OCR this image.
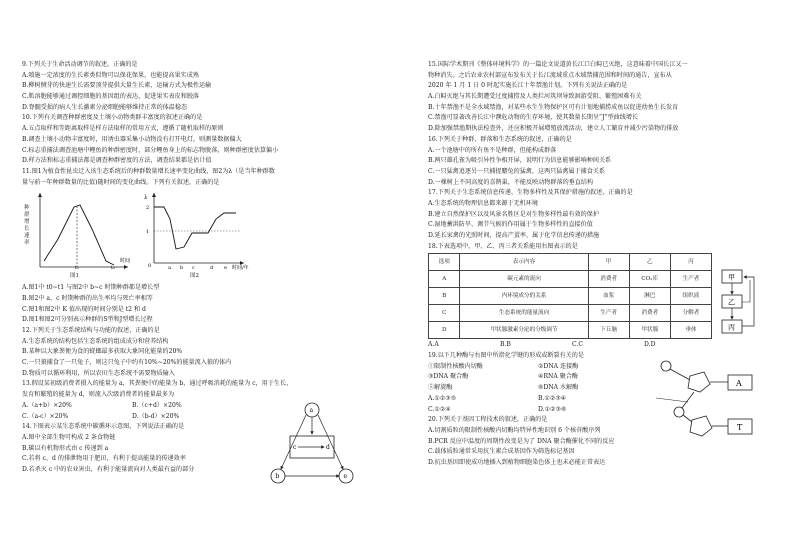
9.下列关于生命活动调节的叙述，正确的是
A.喷施一定浓度的生长素类似物可以保花保果，也能提高果实成熟
B.柳树侧芽的快速生长需要顶芽提供大量生长素，运输方式为极性运输
C.肌溶胞能够通过调控细胞的基因组的表达，促进果实表皮和脱落
D.脊髓受损的病人生长激素分泌细胞能够维持正常的体温稳态
10.下列有关调查种群密度及土壤小动物类群丰富度的叙述正确的是
A.五点取样和等距离取样是样方法取样的常用方式，遵循了随机取样的原则
B.调查土壤小动物丰富度时，用诱虫器采集小动物没有打开电灯，则测量数据偏大
C.标志重捕法调查池塘中鲤鱼的种群密度时，部分鲤鱼身上的标志物脱落，则种群密度估算偏小
D.样方法和标志重捕法都是调查种群密度的方法，调查结果都是估计值
11.图1为植食性昆虫迁入该生态系统后的种群数量增长速率变化曲线，图2为λ（是当年种群数
量与前一年种群数量的比值)随时间的变化曲线。下列有关叙述，正确的是
t₁	t₂
时间
种群增长速率
图1
2
1
0	a b c	d e 时间/年
λ
图2
A.图1中 t0~t1 与图2中 b~c 时期种群都是增长型
B.图2中 a、c 时期种群的出生率均与死亡率相等
C.图1和图2中 K 值出现的时间分别是 t2 和 d
D.图1和图2可分别表示种群的S型和J型增长过程
12.下列关于生态系统结构与功能的叙述，正确的是
A.生态系统的结构包括生态系统的组成成分和营养结构
B.某种以大象粪便为食的蜣螂最多获取大象同化能量的20%
C.一只狼捕食了一只兔子，则这只兔子中约有10%~20%的能量流入狼的体内
D.物质可以循环利用，所以农田生态系统不需要物质输入
13.假设某初级消费者摄入的能量为 a，其粪便中的能量为 b，通过呼吸消耗的能量为 c，用于生长、
发育和繁殖的能量为 d，则流入次级消费者的能量最多为
A.（a+b）×20%	B.（c+d）×20%
C.（a-c）×20%	D.（b-d）×20%
14.下图表示某生态系统中碳循环示意图，下列说法正确的是
A.图中全部生物可构成 2 条食物链
B.碳以有机物形式由 c 传递到 a
C.若将 c、d 的排泄物用于肥田，有利于提高能量的传递效率
D.若杀灭 c 中的农业害虫，有利于能量流向对人类最有益的部分
a
b
c	d
e
15.国际学术期刊《整体环境科学》的一篇论文说道黄长江口白鲟已灭绝，这意味着中国长江又一
物种消失。之后农业农村部宣布发布关于长江流域重点水域禁捕范围和时间的通告，宣布从
2020 年 1 月 1 日 0 时起实施长江十年禁渔计划。下列有关说法正确的是
A.白鲟灭绝与其长期遭受过度捕捞及人类拦河筑坝导致洄游受阻、繁殖困难有关
B.十年禁渔不是全水域禁渔，对某些水生生物保护区可有计划地捕捞成鱼以促进幼鱼生长发育
C.禁渔可显著改善长江中濒危动物的生存环境，使其数量长期呈“J”型曲线增长
D.除加强禁渔期执法检查外，还应积极开展增殖放流活动，建立人工繁育并减少污染物的排放
16.下列关于种群、群落和生态系统的叙述，正确的是
A.一个池塘中的所有鱼不是种群，但能构成群落
B.两只雄孔雀为吸引异性争相开屏，说明行为信息能够影响种间关系
C.一只猛禽追逐另一只捕捉麝兔的猛禽，这两只猛禽属于捕食关系
D.一棵树上不同高度的喜鹊巢，不能反映动物群落的垂直结构
17.下列关于生态系统信息传递、生物多样性及其保护措施的叙述，正确的是
A.生态系统的物理信息都来源于无机环境
B.建立自然保护区以及风景名胜区是对生物多样性最有效的保护
C.湿地蓄洪防旱、调节气候的作用属于生物多样性的直接价值
D.延长家禽的光照时间，提高产蛋率，属于化学信息传递的措施
18.下表选项中，甲、乙、丙三者关系能用右图表示的是
选项	表示内容	甲	乙	丙
A	碳元素的流向	消费者	CO₂库	生产者
B	内环境成分的关系	血浆	淋巴	组织液
C	生态系统的能量流向	生产者	消费者	分解者
D	甲状腺激素分泌的分级调节	下丘脑	甲状腺	垂体
A.A	B.B	C.C	D.D
19.以下几种酶与右图中所指化学键的形成或断裂有关的是
①限制性核酸内切酶	②DNA 连接酶
③DNA 聚合酶	④RNA 聚合酶
⑤解旋酶	⑥DNA 水解酶
A.①②③⑤	B.①②③④
C.①②④	D.①②③⑥
20.下列关于基因工程技术的叙述，正确的是
A.切割质粒的限制性核酸内切酶均特异性地识别 6 个核苷酸序列
B.PCR 反应中温度的周期性改变是为了 DNA 聚合酶催化不同的反应
C.载体质粒通常采用抗生素合成基因作为筛选标记基因
D.抗虫基因即使成功地插入到植物细胞染色体上也未必能正常表达
甲
乙
丙
A
T
